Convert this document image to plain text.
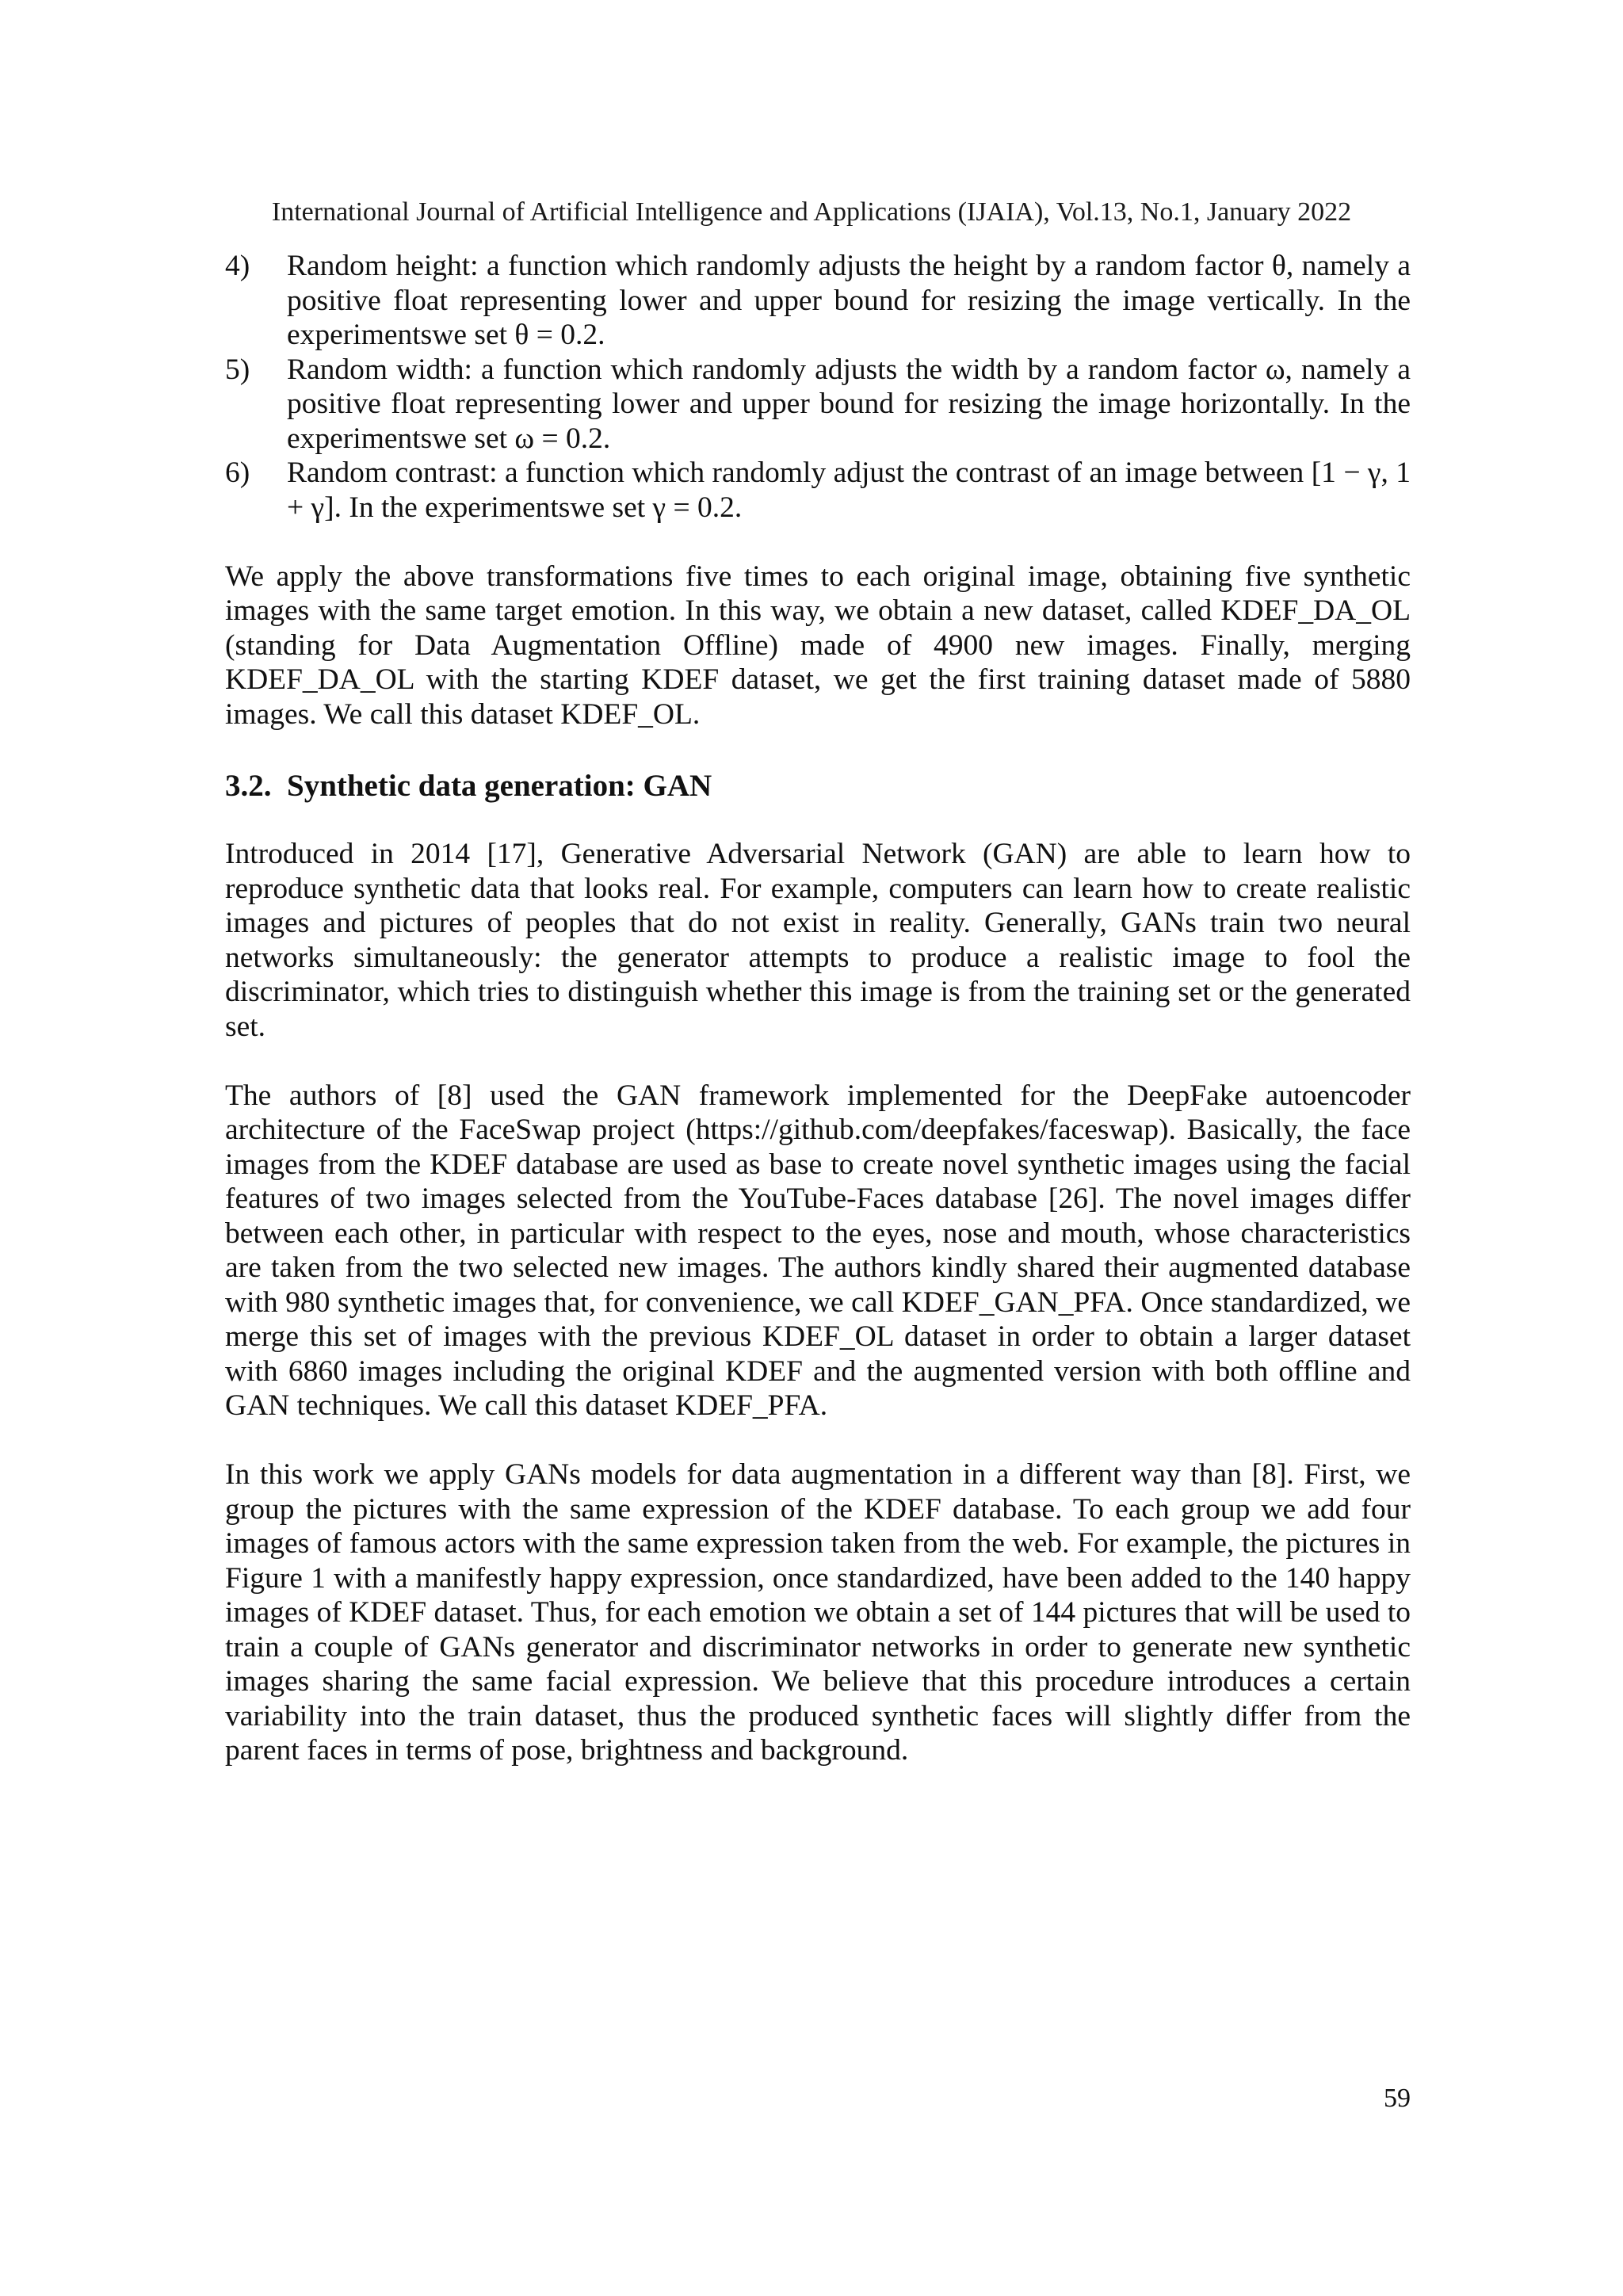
International Journal of Artificial Intelligence and Applications (IJAIA), Vol.13, No.1, January 2022
4) Random height: a function which randomly adjusts the height by a random factor θ, namely a positive float representing lower and upper bound for resizing the image vertically. In the experimentswe set θ = 0.2.
5) Random width: a function which randomly adjusts the width by a random factor ω, namely a positive float representing lower and upper bound for resizing the image horizontally. In the experimentswe set ω = 0.2.
6) Random contrast: a function which randomly adjust the contrast of an image between [1 − γ, 1 + γ]. In the experimentswe set γ = 0.2.

We apply the above transformations five times to each original image, obtaining five synthetic images with the same target emotion. In this way, we obtain a new dataset, called KDEF_DA_OL (standing for Data Augmentation Offline) made of 4900 new images. Finally, merging KDEF_DA_OL with the starting KDEF dataset, we get the first training dataset made of 5880 images. We call this dataset KDEF_OL.

3.2. Synthetic data generation: GAN

Introduced in 2014 [17], Generative Adversarial Network (GAN) are able to learn how to reproduce synthetic data that looks real. For example, computers can learn how to create realistic images and pictures of peoples that do not exist in reality. Generally, GANs train two neural networks simultaneously: the generator attempts to produce a realistic image to fool the discriminator, which tries to distinguish whether this image is from the training set or the generated set.

The authors of [8] used the GAN framework implemented for the DeepFake autoencoder architecture of the FaceSwap project (https://github.com/deepfakes/faceswap). Basically, the face images from the KDEF database are used as base to create novel synthetic images using the facial features of two images selected from the YouTube-Faces database [26]. The novel images differ between each other, in particular with respect to the eyes, nose and mouth, whose characteristics are taken from the two selected new images. The authors kindly shared their augmented database with 980 synthetic images that, for convenience, we call KDEF_GAN_PFA. Once standardized, we merge this set of images with the previous KDEF_OL dataset in order to obtain a larger dataset with 6860 images including the original KDEF and the augmented version with both offline and GAN techniques. We call this dataset KDEF_PFA.

In this work we apply GANs models for data augmentation in a different way than [8]. First, we group the pictures with the same expression of the KDEF database. To each group we add four images of famous actors with the same expression taken from the web. For example, the pictures in Figure 1 with a manifestly happy expression, once standardized, have been added to the 140 happy images of KDEF dataset. Thus, for each emotion we obtain a set of 144 pictures that will be used to train a couple of GANs generator and discriminator networks in order to generate new synthetic images sharing the same facial expression. We believe that this procedure introduces a certain variability into the train dataset, thus the produced synthetic faces will slightly differ from the parent faces in terms of pose, brightness and background.

59
